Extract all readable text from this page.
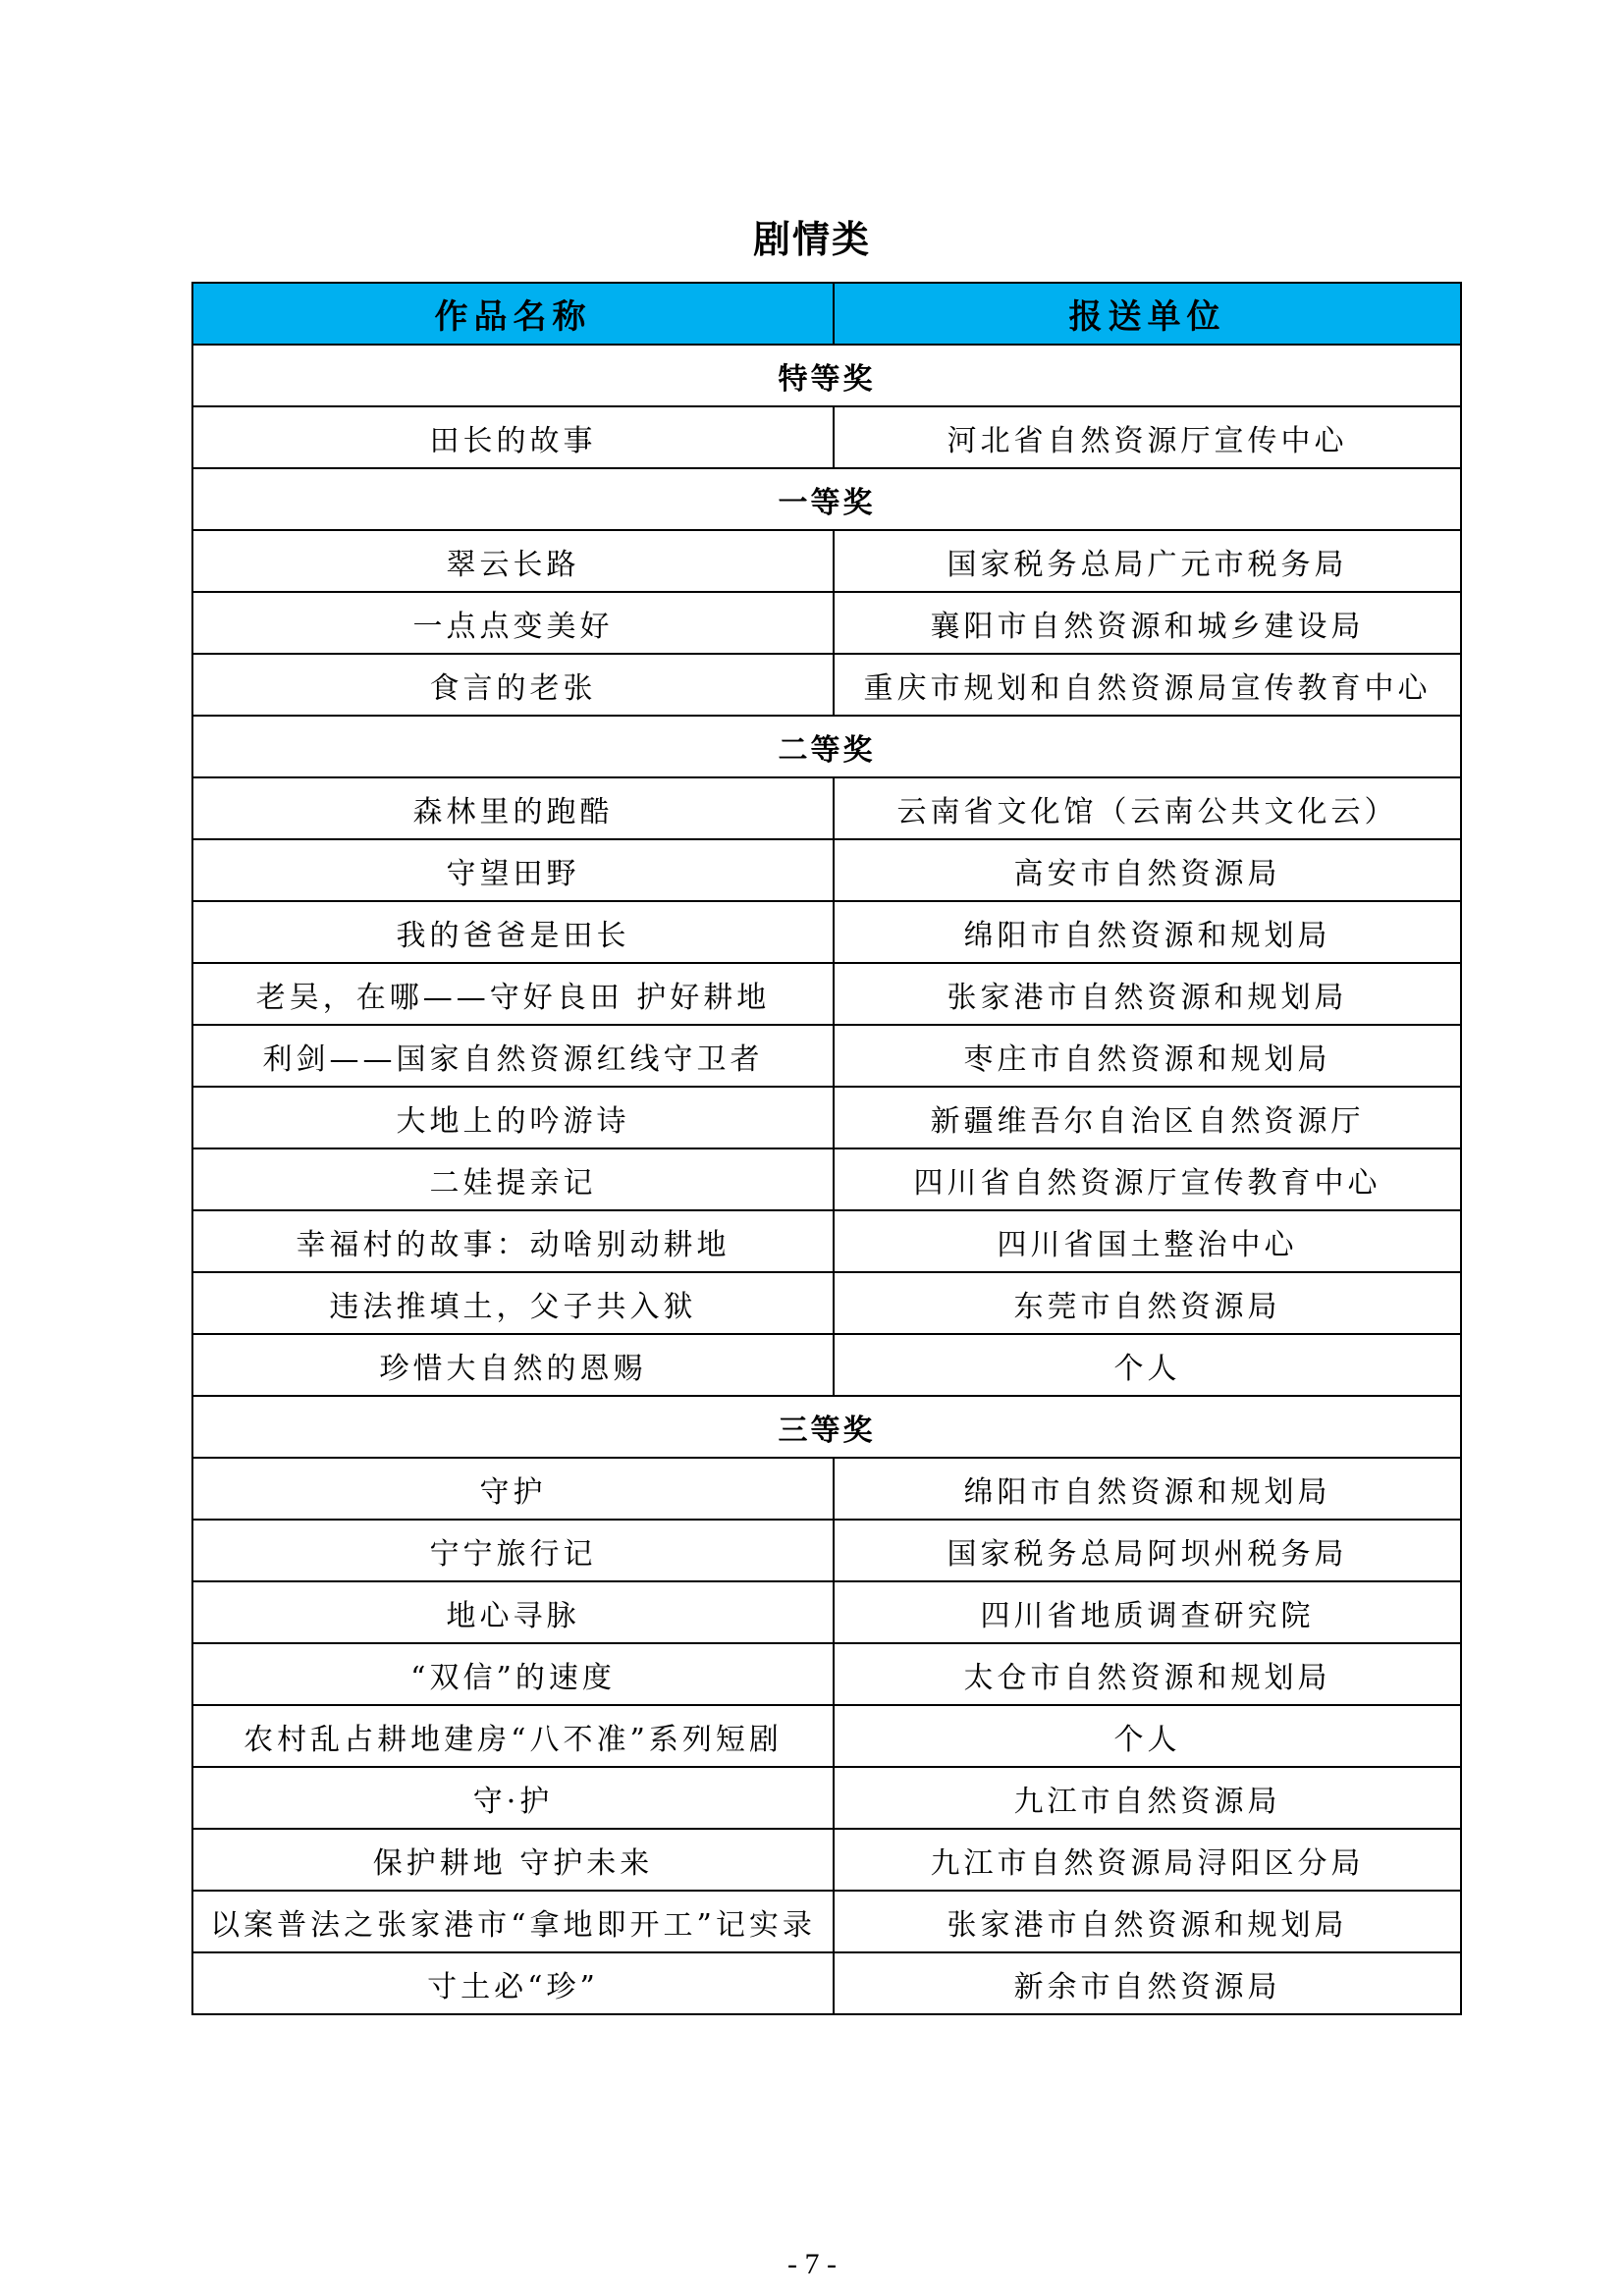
剧情类
作品名称	报送单位
特等奖	
田长的故事	河北省自然资源厅宣传中心
一等奖	
翠云长路	国家税务总局广元市税务局
一点点变美好	襄阳市自然资源和城乡建设局
食言的老张	重庆市规划和自然资源局宣传教育中心
二等奖	
森林里的跑酷	云南省文化馆（云南公共文化云）
守望田野	高安市自然资源局
我的爸爸是田长	绵阳市自然资源和规划局
老吴，在哪——守好良田 护好耕地	张家港市自然资源和规划局
利剑——国家自然资源红线守卫者	枣庄市自然资源和规划局
大地上的吟游诗	新疆维吾尔自治区自然资源厅
二娃提亲记	四川省自然资源厅宣传教育中心
幸福村的故事：动啥别动耕地	四川省国土整治中心
违法推填土，父子共入狱	东莞市自然资源局
珍惜大自然的恩赐	个人
三等奖	
守护	绵阳市自然资源和规划局
宁宁旅行记	国家税务总局阿坝州税务局
地心寻脉	四川省地质调查研究院
“双信”的速度	太仓市自然资源和规划局
农村乱占耕地建房“八不准”系列短剧	个人
守·护	九江市自然资源局
保护耕地 守护未来	九江市自然资源局浔阳区分局
以案普法之张家港市“拿地即开工”记实录	张家港市自然资源和规划局
寸土必“珍”	新余市自然资源局
- 7 -
